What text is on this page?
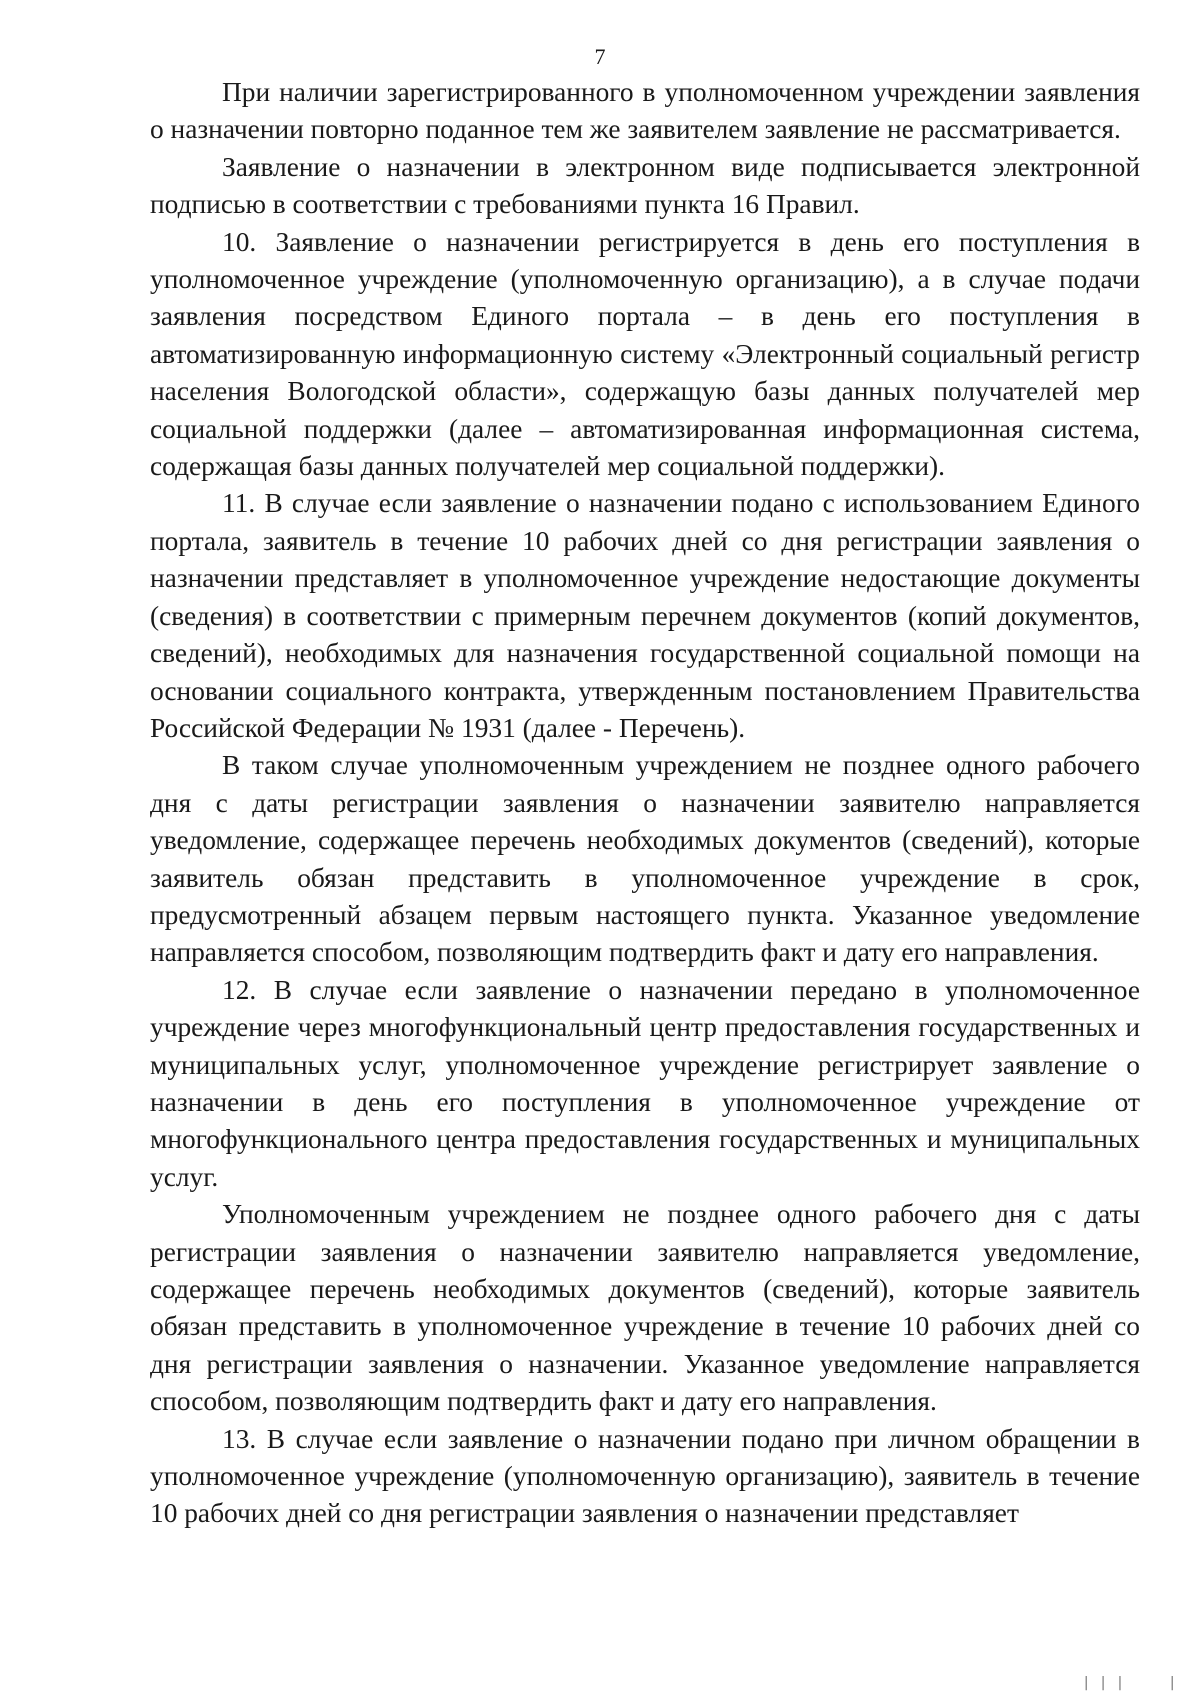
7

При наличии зарегистрированного в уполномоченном учреждении заявления о назначении повторно поданное тем же заявителем заявление не рассматривается.

Заявление о назначении в электронном виде подписывается электронной подписью в соответствии с требованиями пункта 16 Правил.

10. Заявление о назначении регистрируется в день его поступления в уполномоченное учреждение (уполномоченную организацию), а в случае подачи заявления посредством Единого портала – в день его поступления в автоматизированную информационную систему «Электронный социальный регистр населения Вологодской области», содержащую базы данных получателей мер социальной поддержки (далее – автоматизированная информационная система, содержащая базы данных получателей мер социальной поддержки).

11. В случае если заявление о назначении подано с использованием Единого портала, заявитель в течение 10 рабочих дней со дня регистрации заявления о назначении представляет в уполномоченное учреждение недостающие документы (сведения) в соответствии с примерным перечнем документов (копий документов, сведений), необходимых для назначения государственной социальной помощи на основании социального контракта, утвержденным постановлением Правительства Российской Федерации № 1931 (далее - Перечень).

В таком случае уполномоченным учреждением не позднее одного рабочего дня с даты регистрации заявления о назначении заявителю направляется уведомление, содержащее перечень необходимых документов (сведений), которые заявитель обязан представить в уполномоченное учреждение в срок, предусмотренный абзацем первым настоящего пункта. Указанное уведомление направляется способом, позволяющим подтвердить факт и дату его направления.

12. В случае если заявление о назначении передано в уполномоченное учреждение через многофункциональный центр предоставления государственных и муниципальных услуг, уполномоченное учреждение регистрирует заявление о назначении в день его поступления в уполномоченное учреждение от многофункционального центра предоставления государственных и муниципальных услуг.

Уполномоченным учреждением не позднее одного рабочего дня с даты регистрации заявления о назначении заявителю направляется уведомление, содержащее перечень необходимых документов (сведений), которые заявитель обязан представить в уполномоченное учреждение в течение 10 рабочих дней со дня регистрации заявления о назначении. Указанное уведомление направляется способом, позволяющим подтвердить факт и дату его направления.

13. В случае если заявление о назначении подано при личном обращении в уполномоченное учреждение (уполномоченную организацию), заявитель в течение 10 рабочих дней со дня регистрации заявления о назначении представляет

| | |	|
